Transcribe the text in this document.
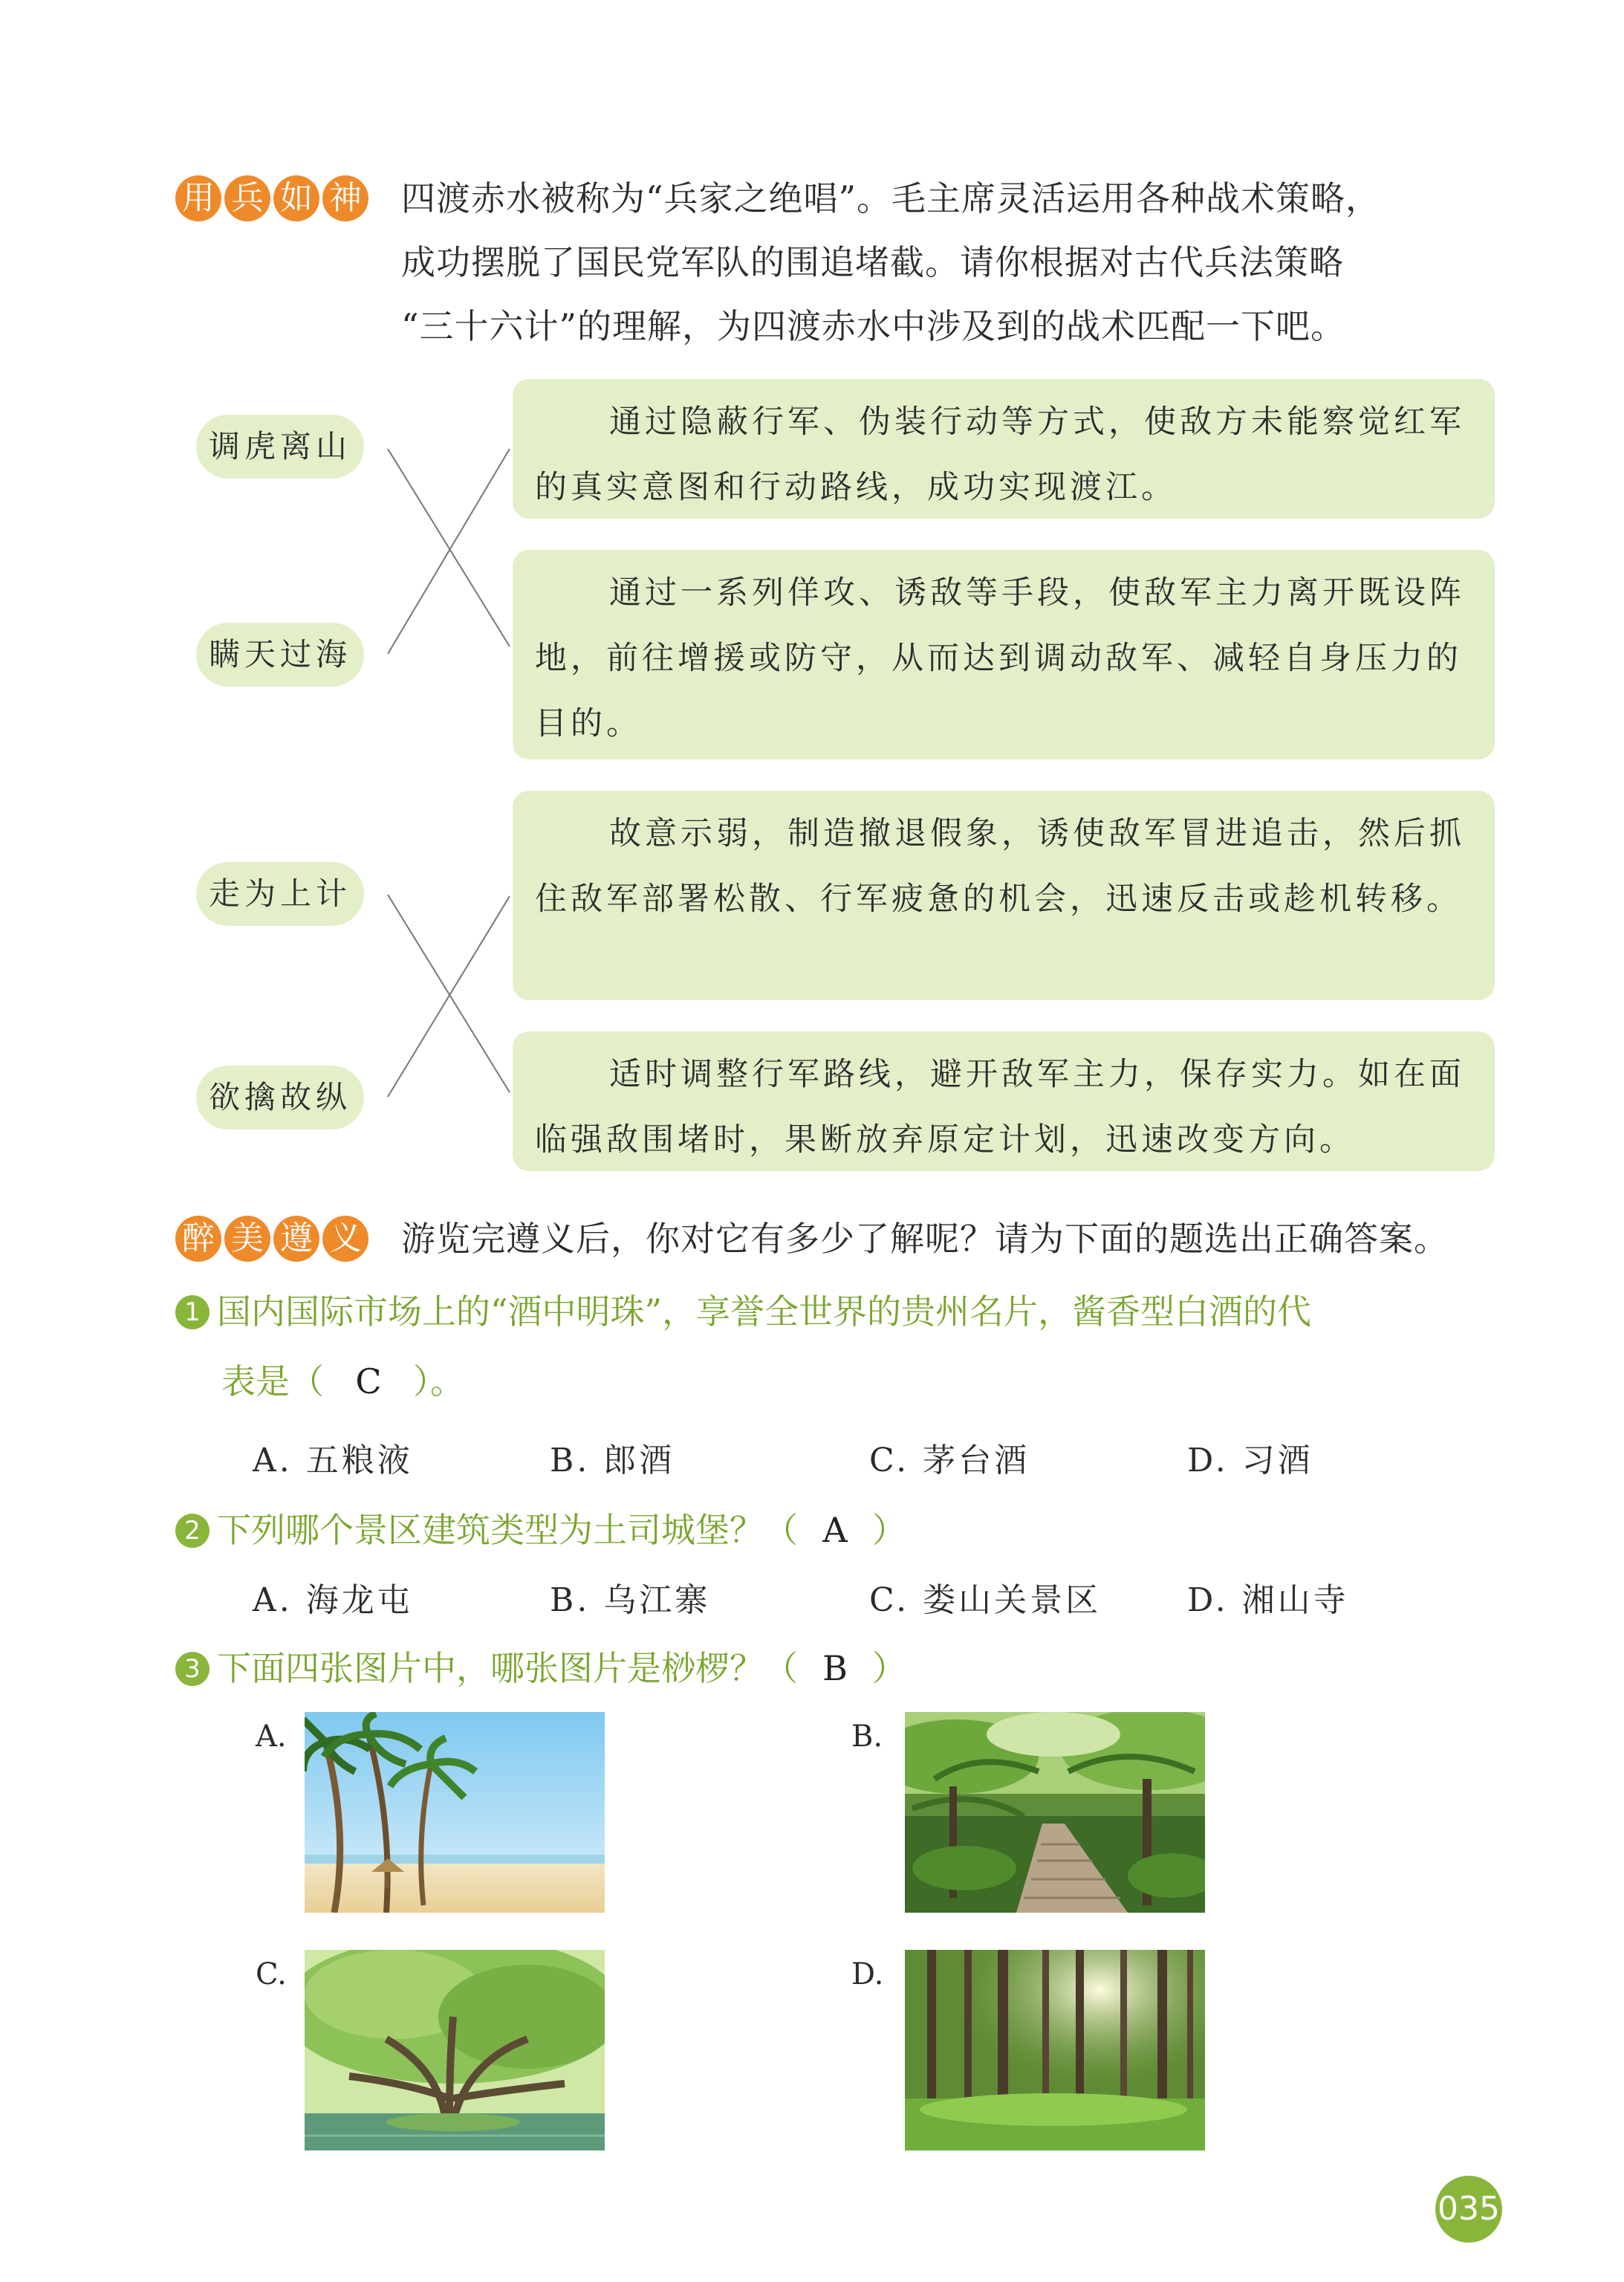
用 兵 如 神 四渡赤水被称为“兵家之绝唱”。毛主席灵活运用各种战术策略，
成功摆脱了国民党军队的围追堵截。请你根据对古代兵法策略
“三十六计”的理解，为四渡赤水中涉及到的战术匹配一下吧。
调虎离山
瞒天过海
走为上计
欲擒故纵
通过隐蔽行军、伪装行动等方式，使敌方未能察觉红军的真实意图和行动路线，成功实现渡江。
通过一系列佯攻、诱敌等手段，使敌军主力离开既设阵地，前往增援或防守，从而达到调动敌军、减轻自身压力的目的。
故意示弱，制造撤退假象，诱使敌军冒进追击，然后抓住敌军部署松散、行军疲惫的机会，迅速反击或趁机转移。
适时调整行军路线，避开敌军主力，保存实力。如在面临强敌围堵时，果断放弃原定计划，迅速改变方向。
醉 美 遵 义 游览完遵义后，你对它有多少了解呢？请为下面的题选出正确答案。
1 国内国际市场上的“酒中明珠”，享誉全世界的贵州名片，酱香型白酒的代
表是（ C ）。
A. 五粮液	B. 郎酒	C. 茅台酒	D. 习酒
2 下列哪个景区建筑类型为土司城堡？（ A ）
A. 海龙屯	B. 乌江寨	C. 娄山关景区	D. 湘山寺
3 下面四张图片中，哪张图片是桫椤？（ B ）
A.	B.
C.	D.
035
